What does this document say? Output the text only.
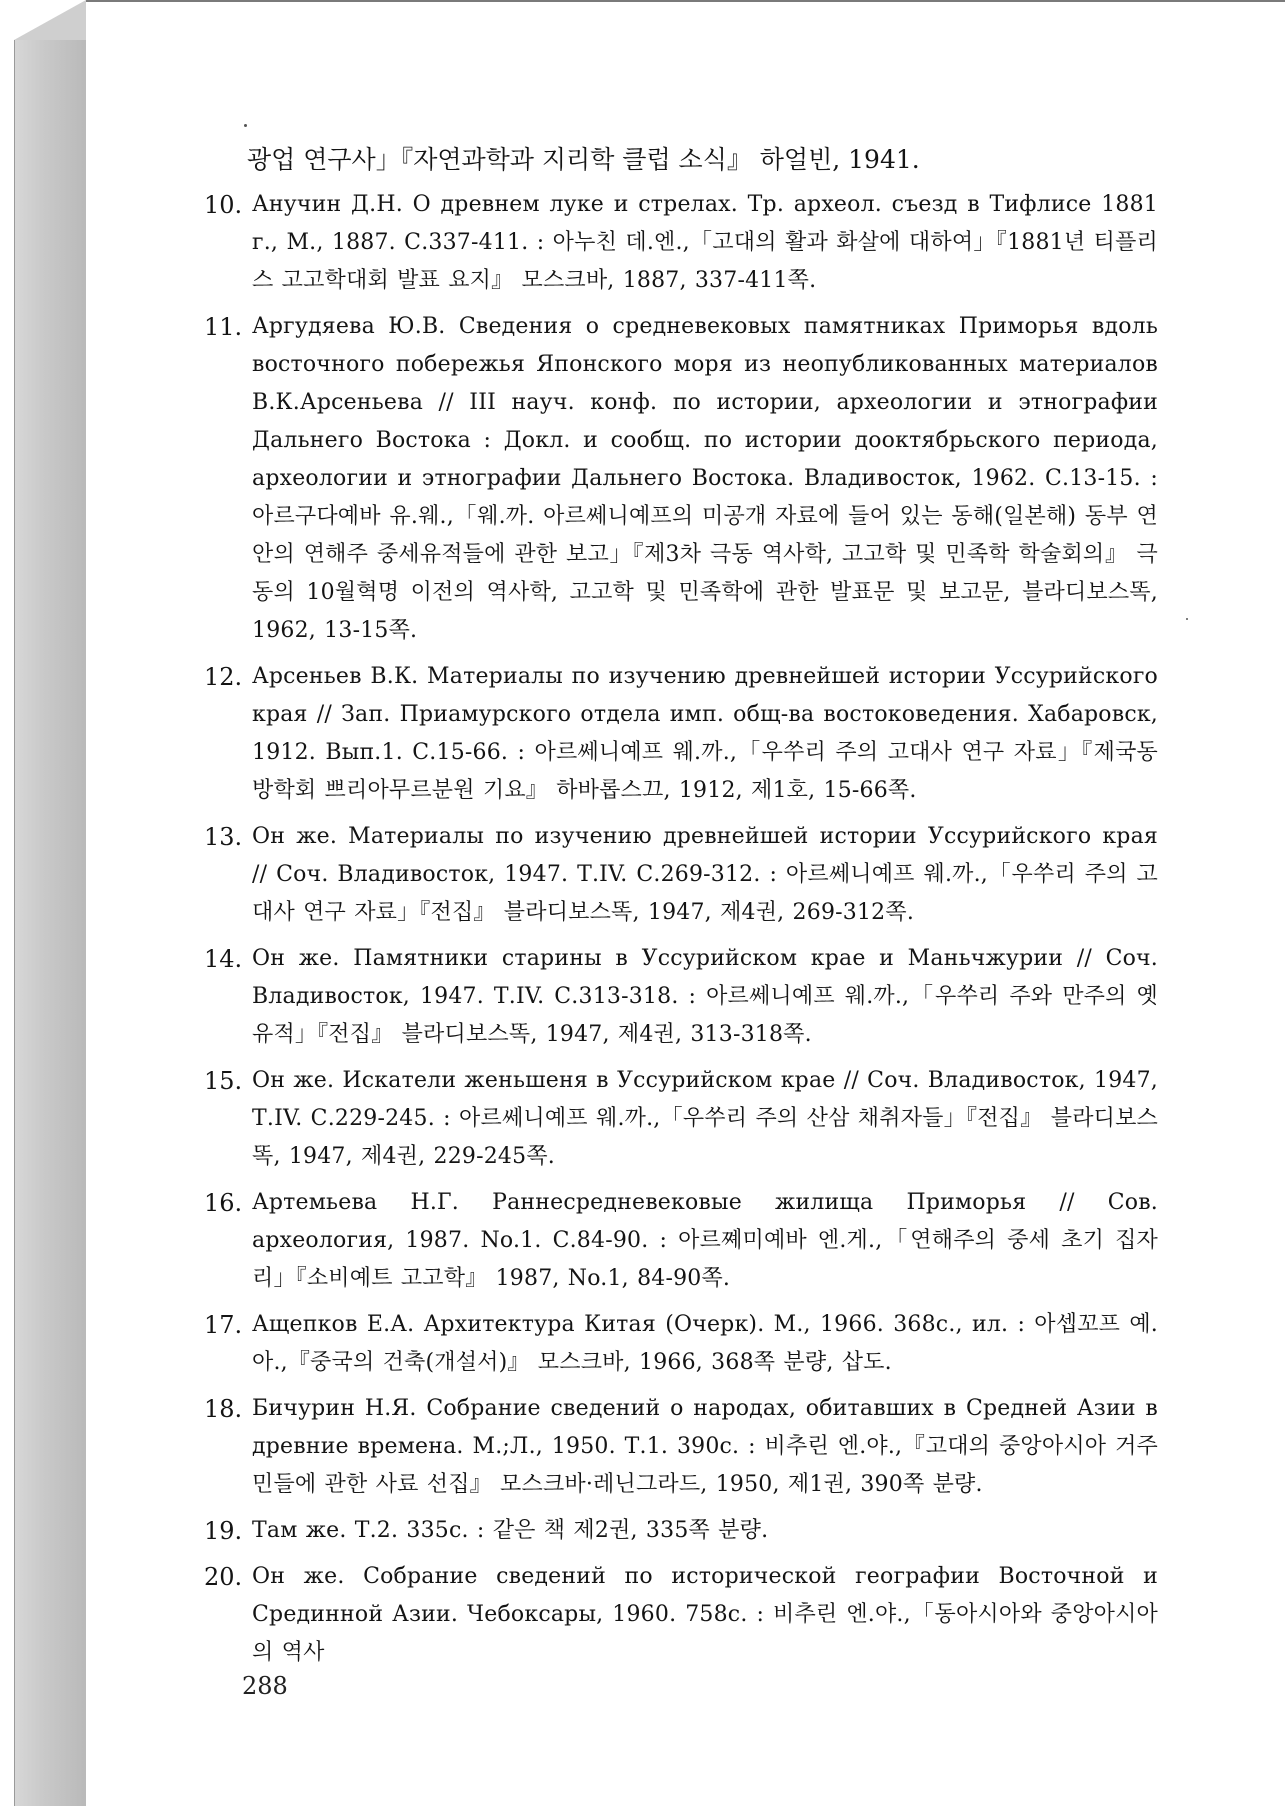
광업 연구사」『자연과학과 지리학 클럽 소식』 하얼빈, 1941.
10. Анучин Д.Н. О древнем луке и стрелах. Тр. археол. съезд в Тифлисе 1881 г., М., 1887. С.337-411. : 아누친 데.엔.,「고대의 활과 화살에 대하여」『1881년 티플리스 고고학대회 발표 요지』 모스크바, 1887, 337-411쪽.
11. Аргудяева Ю.В. Сведения о средневековых памятниках Приморья вдоль восточного побережья Японского моря из неопубликованных материалов В.К.Арсеньева // III науч. конф. по истории, археологии и этнографии Дальнего Востока : Докл. и сообщ. по истории дооктябрьского периода, археологии и этнографии Дальнего Востока. Владивосток, 1962. С.13-15. : 아르구다예바 유.웨.,「웨.까. 아르쎄니예프의 미공개 자료에 들어 있는 동해(일본해) 동부 연안의 연해주 중세유적들에 관한 보고」『제3차 극동 역사학, 고고학 및 민족학 학술회의』 극동의 10월혁명 이전의 역사학, 고고학 및 민족학에 관한 발표문 및 보고문, 블라디보스똑, 1962, 13-15쪽.
12. Арсеньев В.К. Материалы по изучению древнейшей истории Уссурийского края // Зап. Приамурского отдела имп. общ-ва востоковедения. Хабаровск, 1912. Вып.1. С.15-66. : 아르쎄니예프 웨.까.,「우쑤리 주의 고대사 연구 자료」『제국동방학회 쁘리아무르분원 기요』 하바롭스끄, 1912, 제1호, 15-66쪽.
13. Он же. Материалы по изучению древнейшей истории Уссурийского края // Соч. Владивосток, 1947. Т.IV. С.269-312. : 아르쎄니예프 웨.까.,「우쑤리 주의 고대사 연구 자료」『전집』 블라디보스똑, 1947, 제4권, 269-312쪽.
14. Он же. Памятники старины в Уссурийском крае и Маньчжурии // Соч. Владивосток, 1947. Т.IV. С.313-318. : 아르쎄니예프 웨.까.,「우쑤리 주와 만주의 옛 유적」『전집』 블라디보스똑, 1947, 제4권, 313-318쪽.
15. Он же. Искатели женьшеня в Уссурийском крае // Соч. Владивосток, 1947, Т.IV. С.229-245. : 아르쎄니예프 웨.까.,「우쑤리 주의 산삼 채취자들」『전집』 블라디보스똑, 1947, 제4권, 229-245쪽.
16. Артемьева Н.Г. Раннесредневековые жилища Приморья // Сов. археология, 1987. No.1. С.84-90. : 아르쪠미예바 엔.게.,「연해주의 중세 초기 집자리」『소비예트 고고학』 1987, No.1, 84-90쪽.
17. Ащепков Е.А. Архитектура Китая (Очерк). М., 1966. 368с., ил. : 아셉꼬프 예.아.,『중국의 건축(개설서)』 모스크바, 1966, 368쪽 분량, 삽도.
18. Бичурин Н.Я. Собрание сведений о народах, обитавших в Средней Азии в древние времена. М.;Л., 1950. Т.1. 390с. : 비추린 엔.야.,『고대의 중앙아시아 거주민들에 관한 사료 선집』 모스크바·레닌그라드, 1950, 제1권, 390쪽 분량.
19. Там же. Т.2. 335с. : 같은 책 제2권, 335쪽 분량.
20. Он же. Собрание сведений по исторической географии Восточной и Срединной Азии. Чебоксары, 1960. 758с. : 비추린 엔.야.,「동아시아와 중앙아시아의 역사
288
